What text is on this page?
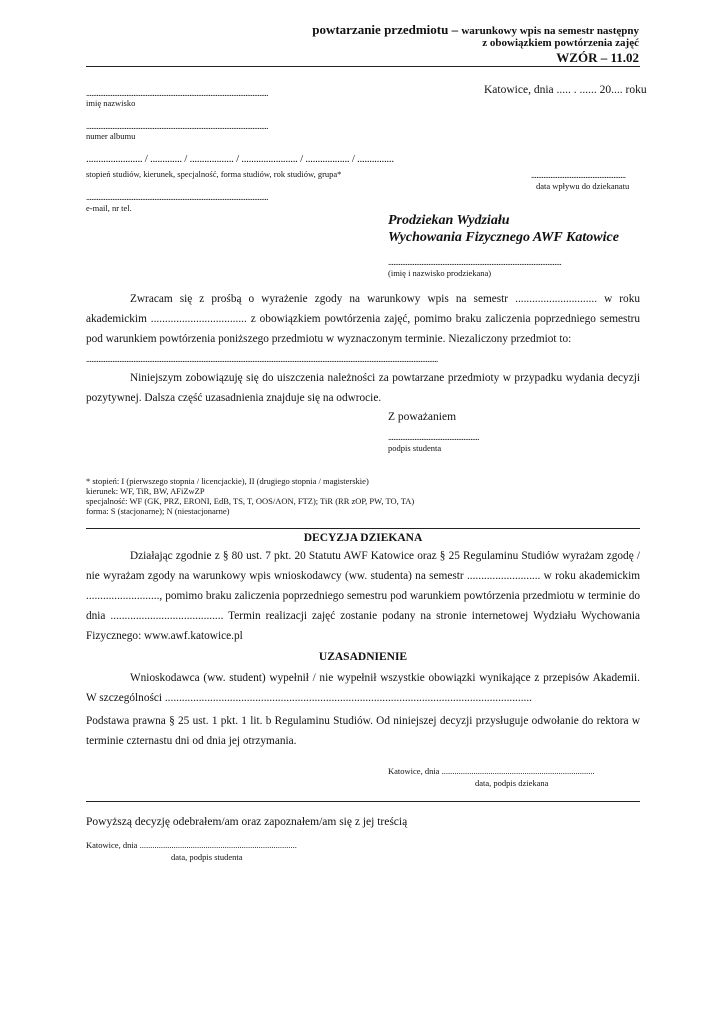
powtarzanie przedmiotu – warunkowy wpis na semestr następny
z obowiązkiem powtórzenia zajęć
WZÓR – 11.02
........................................................................................................
imię nazwisko
Katowice, dnia ..... . ...... 20.... roku
........................................................................................................
numer albumu
....................... / ............. / .................. / ....................... / .................. / ...............
stopień studiów, kierunek, specjalność, forma studiów, rok studiów, grupa*	......................................................
data wpływu do dziekanatu
........................................................................................................
e-mail, nr tel.
Prodziekan Wydziału
Wychowania Fizycznego AWF Katowice
...................................................................................................
(imię i nazwisko prodziekana)
Zwracam się z prośbą o wyrażenie zgody na warunkowy wpis na semestr ............................. w roku akademickim .................................. z obowiązkiem powtórzenia zajęć, pomimo braku zaliczenia poprzedniego semestru pod warunkiem powtórzenia poniższego przedmiotu w wyznaczonym terminie. Niezaliczony przedmiot to:
.........................................................................................................................................................................................................
Niniejszym zobowiązuję się do uiszczenia należności za powtarzane przedmioty w przypadku wydania decyzji pozytywnej. Dalsza część uzasadnienia znajduje się na odwrocie.
Z poważaniem
....................................................
podpis studenta
* stopień: I (pierwszego stopnia / licencjackie), II (drugiego stopnia / magisterskie)
kierunek: WF, TiR, BW, AFiZwZP
specjalność: WF (GK, PRZ, ERONI, EdB, TS, T, OOS/AON, FTZ); TiR (RR zOP, PW, TO, TA)
forma: S (stacjonarne); N (niestacjonarne)
DECYZJA DZIEKANA
Działając zgodnie z § 80 ust. 7 pkt. 20 Statutu AWF Katowice oraz § 25 Regulaminu Studiów wyrażam zgodę / nie wyrażam zgody na warunkowy wpis wnioskodawcy (ww. studenta) na semestr .......................... w roku akademickim .........................., pomimo braku zaliczenia poprzedniego semestru pod warunkiem powtórzenia przedmiotu w terminie do dnia ........................................ Termin realizacji zajęć zostanie podany na stronie internetowej Wydziału Wychowania Fizycznego: www.awf.katowice.pl
UZASADNIENIE
Wnioskodawca (ww. student) wypełnił / nie wypełnił wszystkie obowiązki wynikające z przepisów Akademii. W szczególności ..................................................................................................................................
Podstawa prawna § 25 ust. 1 pkt. 1 lit. b Regulaminu Studiów. Od niniejszej decyzji przysługuje odwołanie do rektora w terminie czternastu dni od dnia jej otrzymania.
Katowice, dnia ........................................................................
data, podpis dziekana
Powyższą decyzję odebrałem/am oraz zapoznałem/am się z jej treścią
Katowice, dnia ..........................................................................
data, podpis studenta
